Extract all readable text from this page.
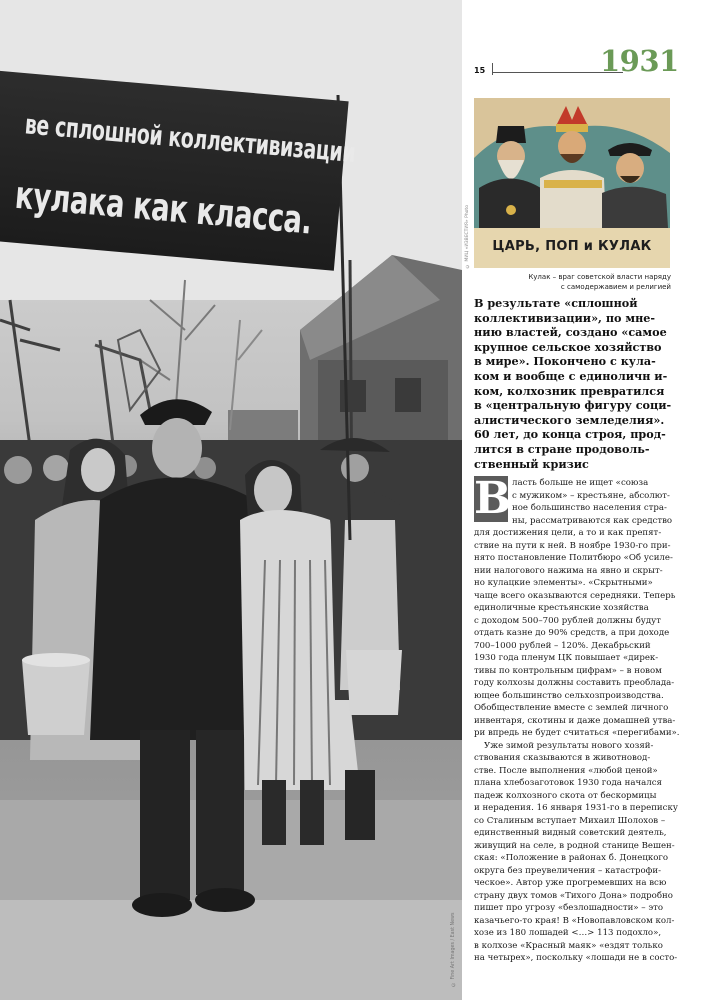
ве сплошной коллективизации
кулака как класса.
© Fine Art Images / East News
15	1931
© МИЦ «ИЗВЕСТИЯ» Photo	ЦАРЬ, ПОП и КУЛАК
Кулак – враг советской власти наряду
с самодержавием и религией
В результате «сплошной
коллективизации», по мне-
нию властей, создано «самое
крупное сельское хозяйство
в мире». Покончено с кула-
ком и вообще с единоличн и-
ком, колхозник превратился
в «центральную фигуру соци-
алистического земледелия».
60 лет, до конца строя, прод-
лится в стране продоволь-
ственный кризис
В ласть больше не ищет «союза
с мужиком» – крестьяне, абсолют-
ное большинство населения стра-
ны, рассматриваются как средство
для достижения цели, а то и как препят-
ствие на пути к ней. В ноябре 1930-го при-
нято постановление Политбюро «Об усиле-
нии налогового нажима на явно и скрыт-
но кулацкие элементы». «Скрытными»
чаще всего оказываются середняки. Теперь
единоличные крестьянские хозяйства
с доходом 500–700 рублей должны будут
отдать казне до 90% средств, а при доходе
700–1000 рублей – 120%. Декабрьский
1930 года пленум ЦК повышает «дирек-
тивы по контрольным цифрам» – в новом
году колхозы должны составить преоблада-
ющее большинство сельхозпроизводства.
Обобществление вместе с землей личного
инвентаря, скотины и даже домашней утва-
ри впредь не будет считаться «перегибами».
Уже зимой результаты нового хозяй-
ствования сказываются в животновод-
стве. После выполнения «любой ценой»
плана хлебозаготовок 1930 года начался
падеж колхозного скота от бескормицы
и нерадения. 16 января 1931-го в переписку
со Сталиным вступает Михаил Шолохов –
единственный видный советский деятель,
живущий на селе, в родной станице Вешен-
ская: «Положение в районах б. Донецкого
округа без преувеличения – катастрофи-
ческое». Автор уже прогремевших на всю
страну двух томов «Тихого Дона» подробно
пишет про угрозу «безлошадности» – это
казачьего-то края! В «Новопавловском кол-
хозе из 180 лошадей <…> 113 подохло»,
в колхозе «Красный маяк» «ездят только
на четырех», поскольку «лошади не в состо-
